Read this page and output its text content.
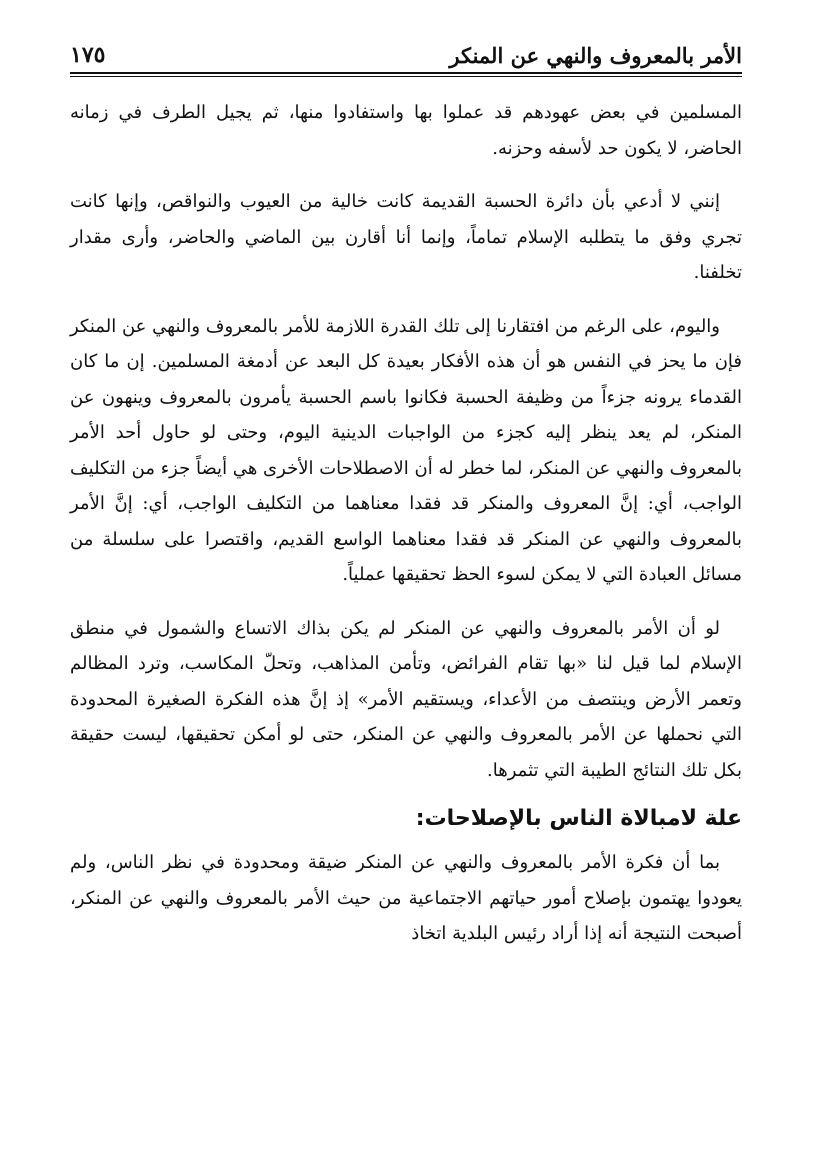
الأمر بالمعروف والنهي عن المنكر
١٧٥

المسلمين في بعض عهودهم قد عملوا بها واستفادوا منها، ثم يجيل الطرف في زمانه الحاضر، لا يكون حد لأسفه وحزنه.

إنني لا أدعي بأن دائرة الحسبة القديمة كانت خالية من العيوب والنواقص، وإنها كانت تجري وفق ما يتطلبه الإسلام تماماً، وإنما أنا أقارن بين الماضي والحاضر، وأرى مقدار تخلفنا.

واليوم، على الرغم من افتقارنا إلى تلك القدرة اللازمة للأمر بالمعروف والنهي عن المنكر فإن ما يحز في النفس هو أن هذه الأفكار بعيدة كل البعد عن أدمغة المسلمين. إن ما كان القدماء يرونه جزءاً من وظيفة الحسبة فكانوا باسم الحسبة يأمرون بالمعروف وينهون عن المنكر، لم يعد ينظر إليه كجزء من الواجبات الدينية اليوم، وحتى لو حاول أحد الأمر بالمعروف والنهي عن المنكر، لما خطر له أن الاصطلاحات الأخرى هي أيضاً جزء من التكليف الواجب، أي: إنَّ المعروف والمنكر قد فقدا معناهما من التكليف الواجب، أي: إنَّ الأمر بالمعروف والنهي عن المنكر قد فقدا معناهما الواسع القديم، واقتصرا على سلسلة من مسائل العبادة التي لا يمكن لسوء الحظ تحقيقها عملياً.

لو أن الأمر بالمعروف والنهي عن المنكر لم يكن بذاك الاتساع والشمول في منطق الإسلام لما قيل لنا «بها تقام الفرائض، وتأمن المذاهب، وتحلّ المكاسب، وترد المظالم وتعمر الأرض وينتصف من الأعداء، ويستقيم الأمر» إذ إنَّ هذه الفكرة الصغيرة المحدودة التي نحملها عن الأمر بالمعروف والنهي عن المنكر، حتى لو أمكن تحقيقها، ليست حقيقة بكل تلك النتائج الطيبة التي تثمرها.

علة لامبالاة الناس بالإصلاحات:

بما أن فكرة الأمر بالمعروف والنهي عن المنكر ضيقة ومحدودة في نظر الناس، ولم يعودوا يهتمون بإصلاح أمور حياتهم الاجتماعية من حيث الأمر بالمعروف والنهي عن المنكر، أصبحت النتيجة أنه إذا أراد رئيس البلدية اتخاذ
